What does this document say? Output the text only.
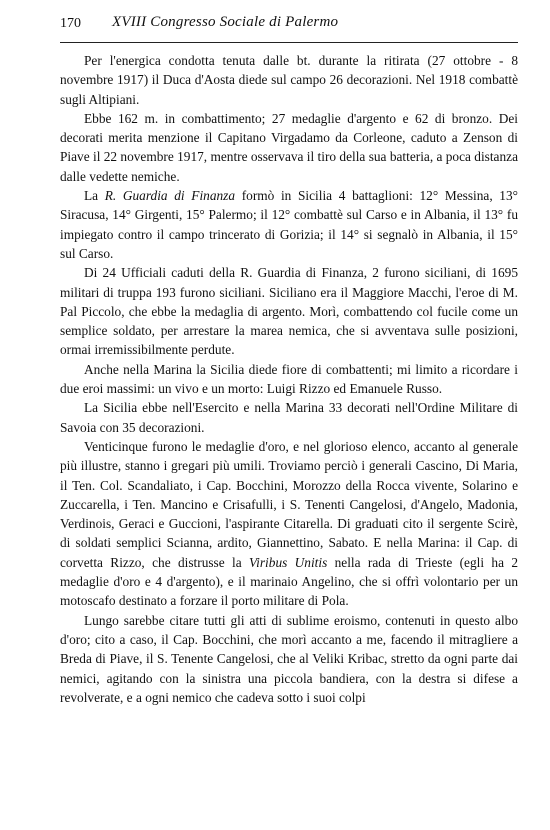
170 XVIII Congresso Sociale di Palermo

Per l'energica condotta tenuta dalle bt. durante la ritirata (27 ottobre - 8 novembre 1917) il Duca d'Aosta diede sul campo 26 decorazioni. Nel 1918 combattè sugli Altipiani.

Ebbe 162 m. in combattimento; 27 medaglie d'argento e 62 di bronzo. Dei decorati merita menzione il Capitano Virgadamo da Corleone, caduto a Zenson di Piave il 22 novembre 1917, mentre osservava il tiro della sua batteria, a poca distanza dalle vedette nemiche.

La R. Guardia di Finanza formò in Sicilia 4 battaglioni: 12° Messina, 13° Siracusa, 14° Girgenti, 15° Palermo; il 12° combattè sul Carso e in Albania, il 13° fu impiegato contro il campo trincerato di Gorizia; il 14° si segnalò in Albania, il 15° sul Carso.

Di 24 Ufficiali caduti della R. Guardia di Finanza, 2 furono siciliani, di 1695 militari di truppa 193 furono siciliani. Siciliano era il Maggiore Macchi, l'eroe di M. Pal Piccolo, che ebbe la medaglia di argento. Morì, combattendo col fucile come un semplice soldato, per arrestare la marea nemica, che si avventava sulle posizioni, ormai irremissibilmente perdute.

Anche nella Marina la Sicilia diede fiore di combattenti; mi limito a ricordare i due eroi massimi: un vivo e un morto: Luigi Rizzo ed Emanuele Russo.

La Sicilia ebbe nell'Esercito e nella Marina 33 decorati nell'Ordine Militare di Savoia con 35 decorazioni.

Venticinque furono le medaglie d'oro, e nel glorioso elenco, accanto al generale più illustre, stanno i gregari più umili. Troviamo perciò i generali Cascino, Di Maria, il Ten. Col. Scandaliato, i Cap. Bocchini, Morozzo della Rocca vivente, Solarino e Zuccarella, i Ten. Mancino e Crisafulli, i S. Tenenti Cangelosi, d'Angelo, Madonia, Verdinois, Geraci e Guccioni, l'aspirante Citarella. Di graduati cito il sergente Scirè, di soldati semplici Scianna, ardito, Giannettino, Sabato. E nella Marina: il Cap. di corvetta Rizzo, che distrusse la Viribus Unitis nella rada di Trieste (egli ha 2 medaglie d'oro e 4 d'argento), e il marinaio Angelino, che si offrì volontario per un motoscafo destinato a forzare il porto militare di Pola.

Lungo sarebbe citare tutti gli atti di sublime eroismo, contenuti in questo albo d'oro; cito a caso, il Cap. Bocchini, che morì accanto a me, facendo il mitragliere a Breda di Piave, il S. Tenente Cangelosi, che al Veliki Kribac, stretto da ogni parte dai nemici, agitando con la sinistra una piccola bandiera, con la destra si difese a revolverate, e a ogni nemico che cadeva sotto i suoi colpi
